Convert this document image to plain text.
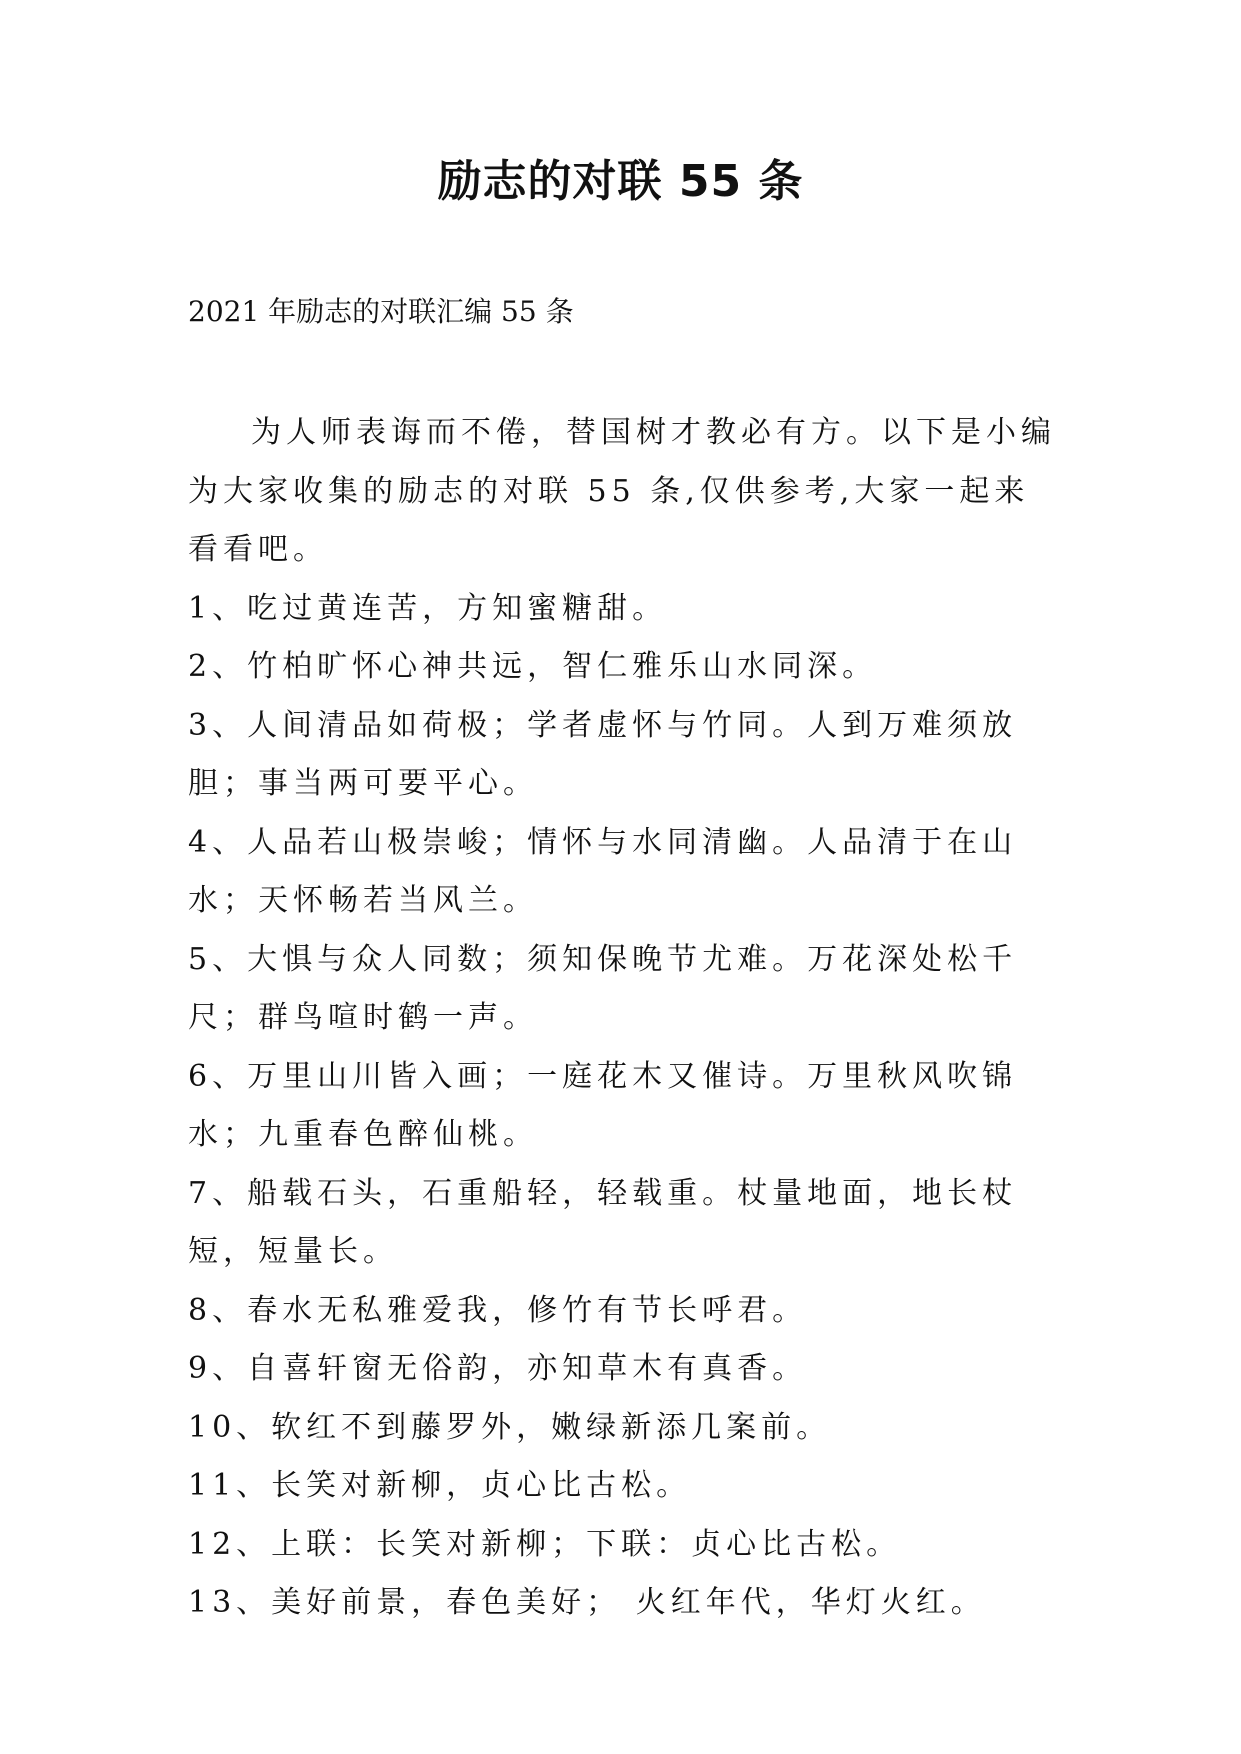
励志的对联 55 条
2021 年励志的对联汇编 55 条

为人师表诲而不倦，替国树才教必有方。以下是小编为大家收集的励志的对联 55 条,仅供参考,大家一起来看看吧。

1、吃过黄连苦，方知蜜糖甜。

2、竹柏旷怀心神共远，智仁雅乐山水同深。

3、人间清品如荷极；学者虚怀与竹同。人到万难须放胆；事当两可要平心。

4、人品若山极崇峻；情怀与水同清幽。人品清于在山水；天怀畅若当风兰。

5、大惧与众人同数；须知保晚节尤难。万花深处松千尺；群鸟喧时鹤一声。

6、万里山川皆入画；一庭花木又催诗。万里秋风吹锦水；九重春色醉仙桃。

7、船载石头，石重船轻，轻载重。杖量地面，地长杖短，短量长。

8、春水无私雅爱我，修竹有节长呼君。

9、自喜轩窗无俗韵，亦知草木有真香。

10、软红不到藤罗外，嫩绿新添几案前。

11、长笑对新柳，贞心比古松。

12、上联：长笑对新柳；下联：贞心比古松。

13、美好前景，春色美好； 火红年代，华灯火红。
